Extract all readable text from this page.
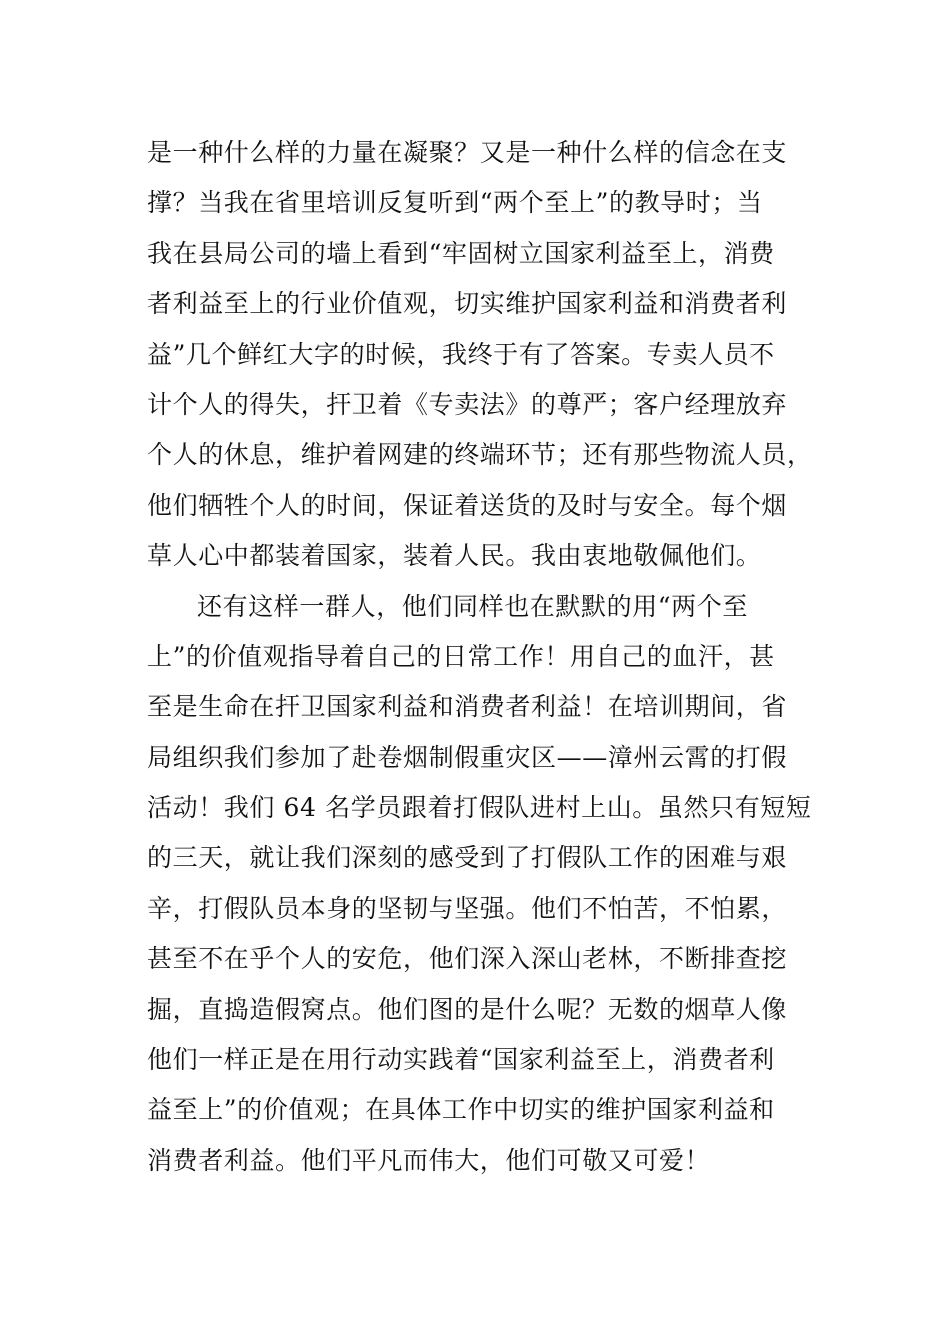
是一种什么样的力量在凝聚？又是一种什么样的信念在支
撑？当我在省里培训反复听到“两个至上”的教导时；当
我在县局公司的墙上看到“牢固树立国家利益至上，消费
者利益至上的行业价值观，切实维护国家利益和消费者利
益”几个鲜红大字的时候，我终于有了答案。专卖人员不
计个人的得失，扞卫着《专卖法》的尊严；客户经理放弃
个人的休息，维护着网建的终端环节；还有那些物流人员，
他们牺牲个人的时间，保证着送货的及时与安全。每个烟
草人心中都装着国家，装着人民。我由衷地敬佩他们。
还有这样一群人，他们同样也在默默的用“两个至
上”的价值观指导着自己的日常工作！用自己的血汗，甚
至是生命在扞卫国家利益和消费者利益！在培训期间，省
局组织我们参加了赴卷烟制假重灾区——漳州云霄的打假
活动！我们 64 名学员跟着打假队进村上山。虽然只有短短
的三天，就让我们深刻的感受到了打假队工作的困难与艰
辛，打假队员本身的坚韧与坚强。他们不怕苦，不怕累，
甚至不在乎个人的安危，他们深入深山老林，不断排查挖
掘，直捣造假窝点。他们图的是什么呢？无数的烟草人像
他们一样正是在用行动实践着“国家利益至上，消费者利
益至上”的价值观；在具体工作中切实的维护国家利益和
消费者利益。他们平凡而伟大，他们可敬又可爱！
